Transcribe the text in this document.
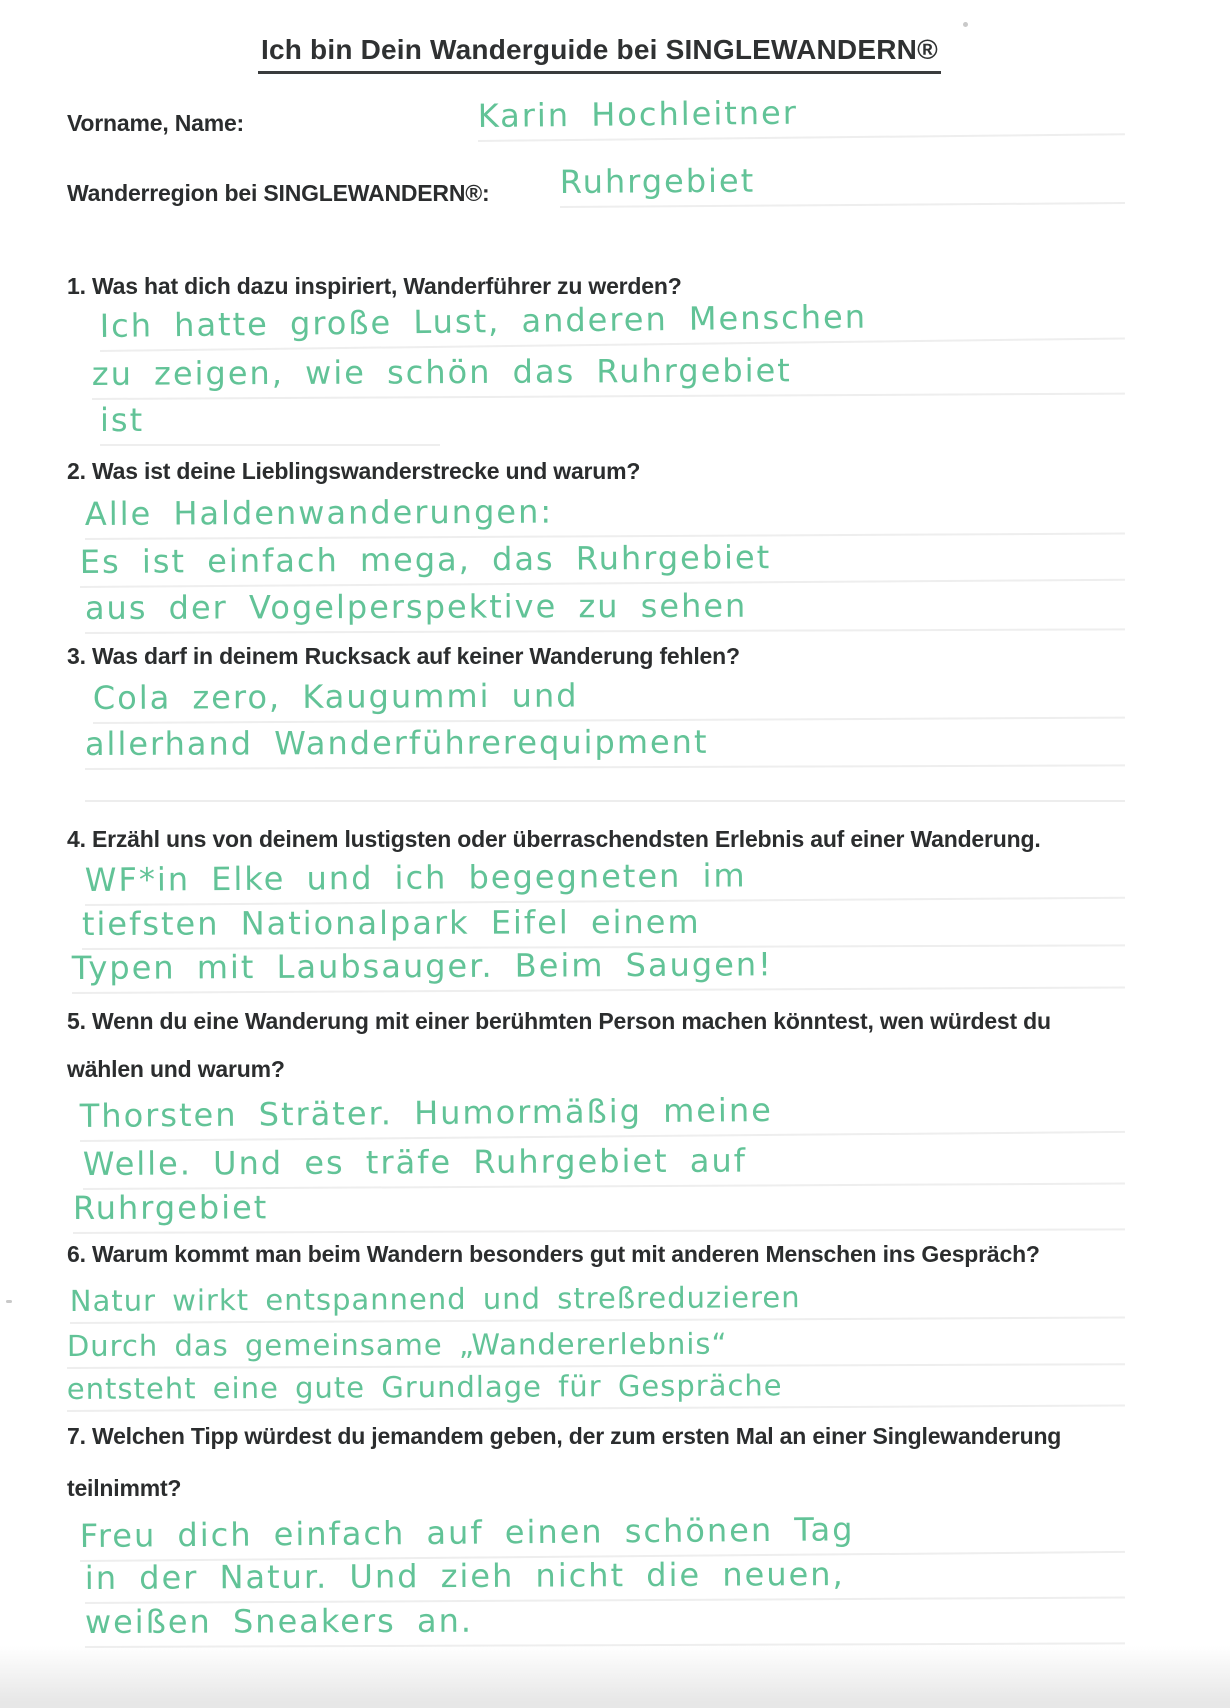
Ich bin Dein Wanderguide bei SINGLEWANDERN®
Vorname, Name:	Karin Hochleitner
Wanderregion bei SINGLEWANDERN®: Ruhrgebiet
1. Was hat dich dazu inspiriert, Wanderführer zu werden?
Ich hatte große Lust, anderen Menschen
zu zeigen, wie schön das Ruhrgebiet
ist
2. Was ist deine Lieblingswanderstrecke und warum?
Alle Haldenwanderungen:
Es ist einfach mega, das Ruhrgebiet
aus der Vogelperspektive zu sehen
3. Was darf in deinem Rucksack auf keiner Wanderung fehlen?
Cola zero, Kaugummi und
allerhand Wanderführerequipment
4. Erzähl uns von deinem lustigsten oder überraschendsten Erlebnis auf einer Wanderung.
WF*in Elke und ich begegneten im
tiefsten Nationalpark Eifel einem
Typen mit Laubsauger. Beim Saugen!
5. Wenn du eine Wanderung mit einer berühmten Person machen könntest, wen würdest du
wählen und warum?
Thorsten Sträter. Humormäßig meine
Welle. Und es träfe Ruhrgebiet auf
Ruhrgebiet
6. Warum kommt man beim Wandern besonders gut mit anderen Menschen ins Gespräch?
Natur wirkt entspannend und streßreduzieren
Durch das gemeinsame „Wandererlebnis“
entsteht eine gute Grundlage für Gespräche
7. Welchen Tipp würdest du jemandem geben, der zum ersten Mal an einer Singlewanderung
teilnimmt?
Freu dich einfach auf einen schönen Tag
in der Natur. Und zieh nicht die neuen,
weißen Sneakers an.
